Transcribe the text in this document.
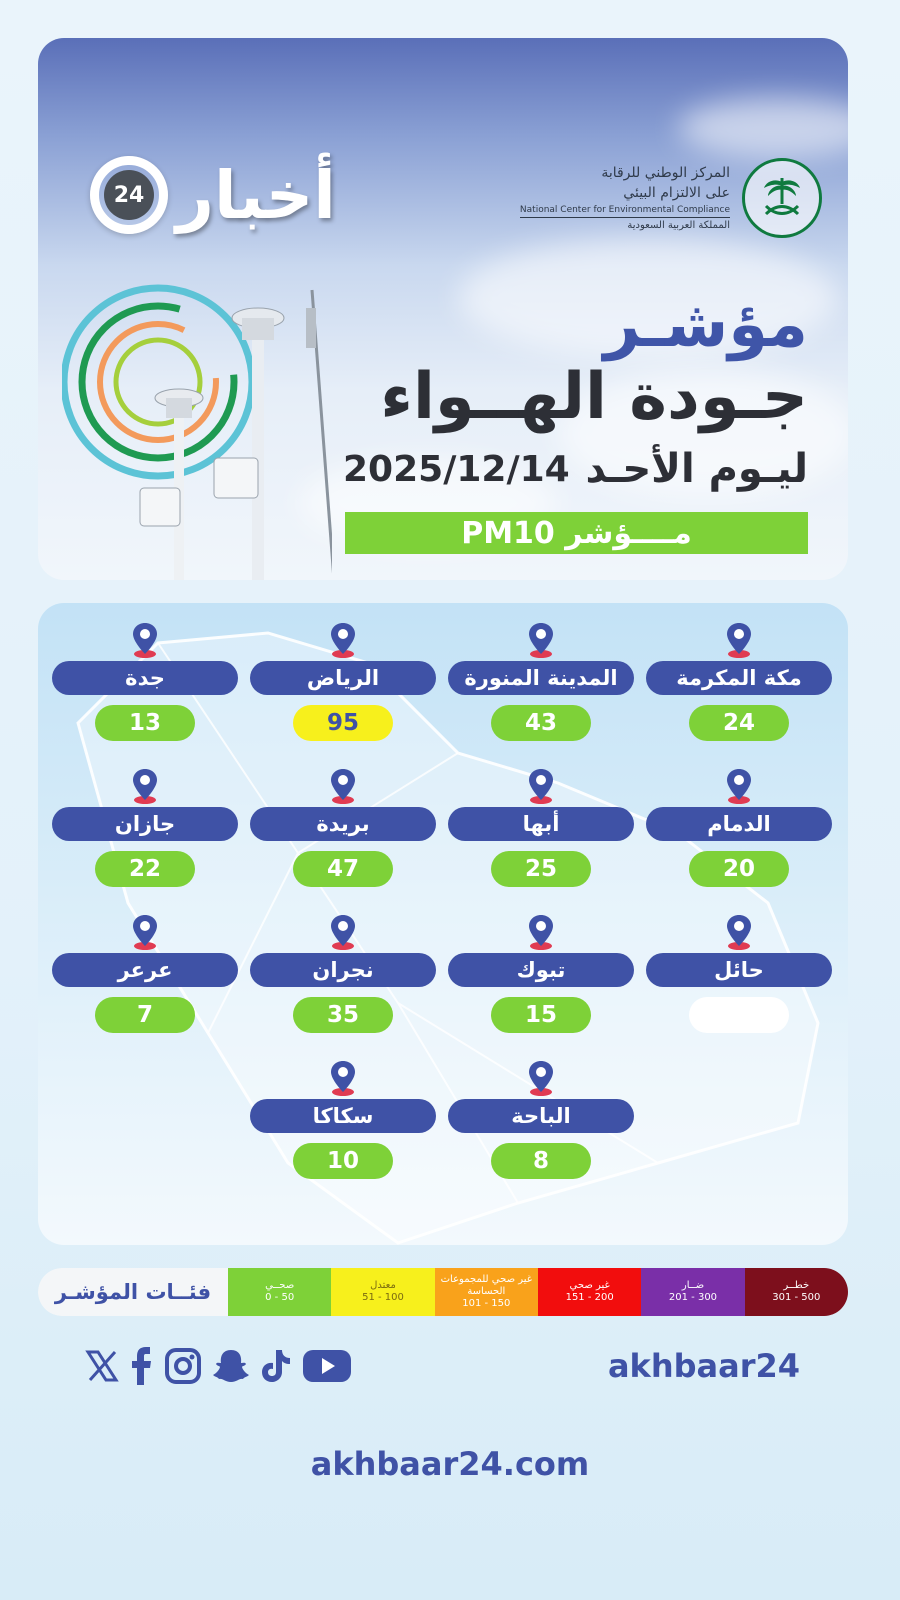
24 أخبار	المركز الوطني للرقابة
على الالتزام البيئي
National Center for Environmental Compliance
المملكة العربية السعودية
مؤشـر
جـودة الهــواء
2025/12/14 ليـوم الأحـد
مــــؤشر PM10
مكة المكرمة
24
المدينة المنورة
43
الرياض
95
جدة
13
الدمام
20
أبها
25
بريدة
47
جازان
22
حائل
تبوك
15
نجران
35
عرعر
7
الباحة
8
سكاكا
10
فئــات المؤشـر	صحــي
0 - 50
معتدل
51 - 100
غير صحي للمجموعات الحساسة
101 - 150
غير صحي
151 - 200
ضــار
201 - 300
خطــر
301 - 500
akhbaar24
akhbaar24.com
